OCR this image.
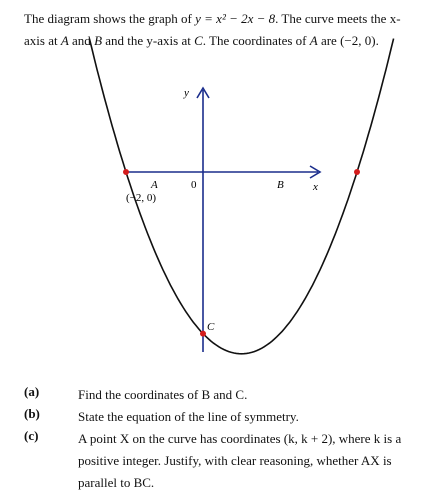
The diagram shows the graph of y = x² − 2x − 8. The curve meets the x-axis at A and B and the y-axis at C. The coordinates of A are (−2, 0).
y
x
0
A
(−2, 0)
B
C
(a)	Find the coordinates of B and C.
(b)	State the equation of the line of symmetry.
(c)	A point X on the curve has coordinates (k, k + 2), where k is a positive integer. Justify, with clear reasoning, whether AX is parallel to BC.
